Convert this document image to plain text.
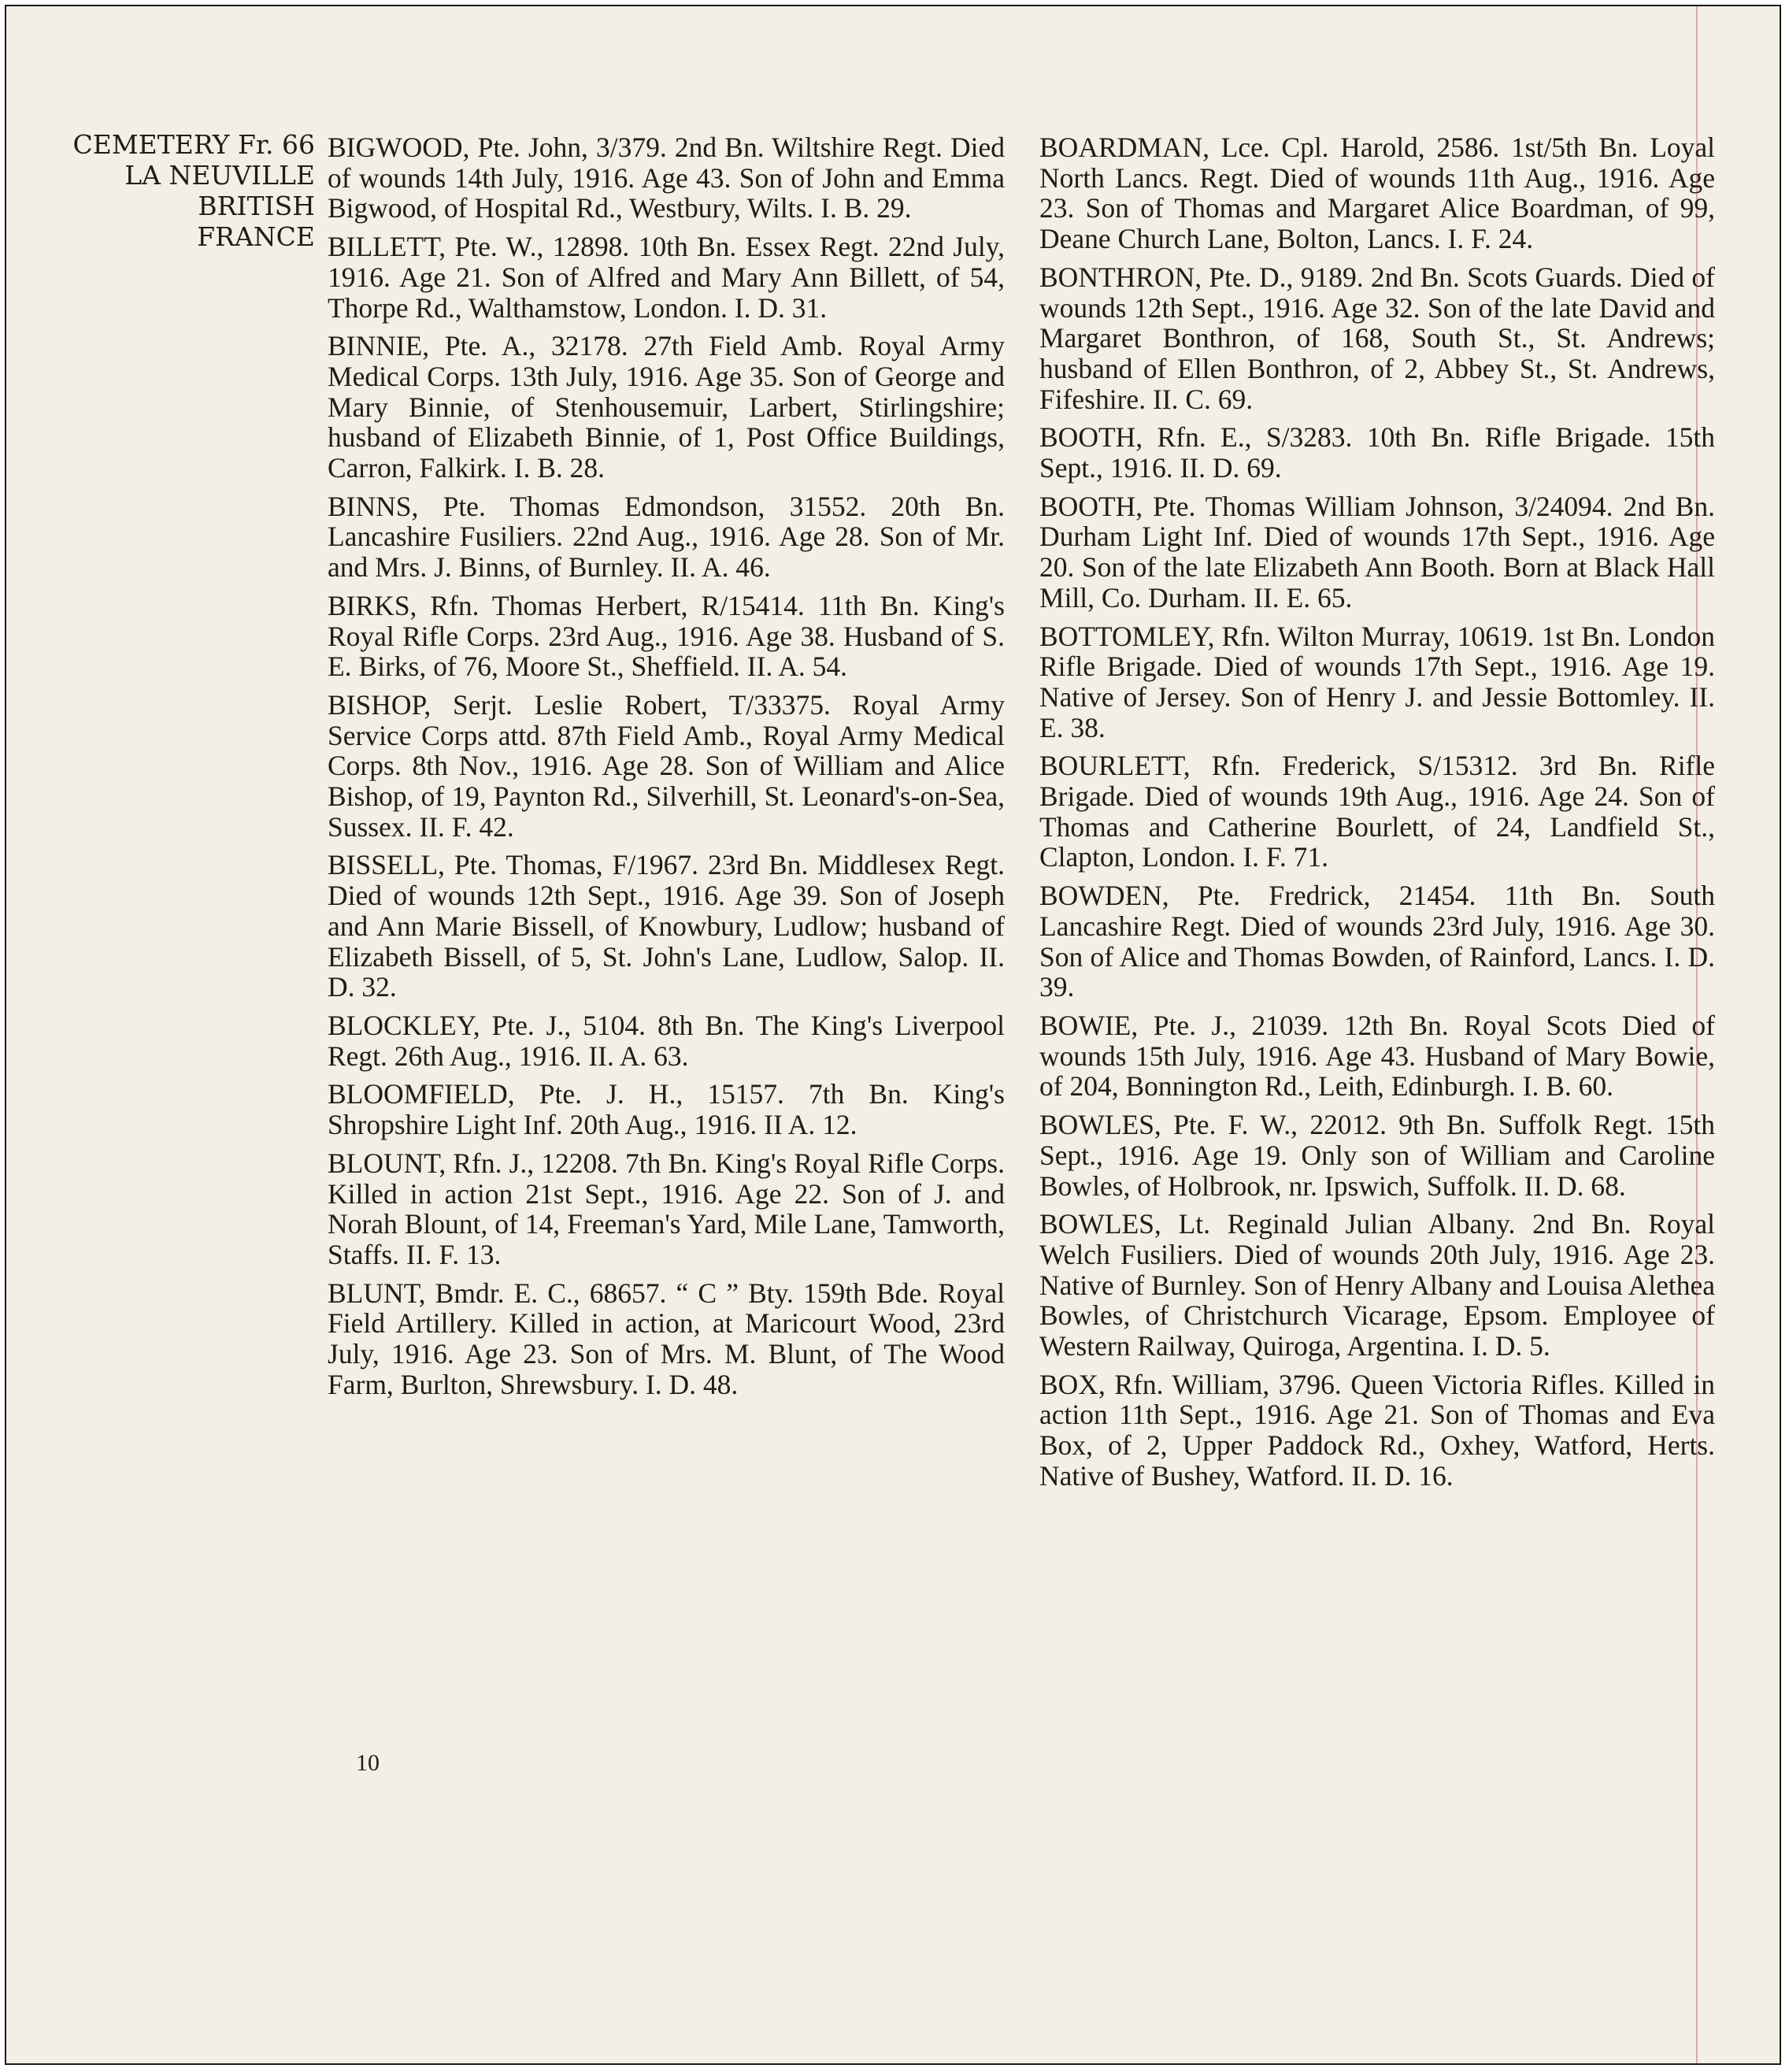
CEMETERY Fr. 66
LA NEUVILLE
BRITISH
FRANCE

BIGWOOD, Pte. John, 3/379. 2nd Bn. Wiltshire Regt. Died of wounds 14th July, 1916. Age 43. Son of John and Emma Bigwood, of Hospital Rd., Westbury, Wilts. I. B. 29.

BILLETT, Pte. W., 12898. 10th Bn. Essex Regt. 22nd July, 1916. Age 21. Son of Alfred and Mary Ann Billett, of 54, Thorpe Rd., Walthamstow, London. I. D. 31.

BINNIE, Pte. A., 32178. 27th Field Amb. Royal Army Medical Corps. 13th July, 1916. Age 35. Son of George and Mary Binnie, of Stenhousemuir, Larbert, Stirlingshire; husband of Elizabeth Binnie, of 1, Post Office Buildings, Carron, Falkirk. I. B. 28.

BINNS, Pte. Thomas Edmondson, 31552. 20th Bn. Lancashire Fusiliers. 22nd Aug., 1916. Age 28. Son of Mr. and Mrs. J. Binns, of Burnley. II. A. 46.

BIRKS, Rfn. Thomas Herbert, R/15414. 11th Bn. King's Royal Rifle Corps. 23rd Aug., 1916. Age 38. Husband of S. E. Birks, of 76, Moore St., Sheffield. II. A. 54.

BISHOP, Serjt. Leslie Robert, T/33375. Royal Army Service Corps attd. 87th Field Amb., Royal Army Medical Corps. 8th Nov., 1916. Age 28. Son of William and Alice Bishop, of 19, Paynton Rd., Silverhill, St. Leonard's-on-Sea, Sussex. II. F. 42.

BISSELL, Pte. Thomas, F/1967. 23rd Bn. Middlesex Regt. Died of wounds 12th Sept., 1916. Age 39. Son of Joseph and Ann Marie Bissell, of Knowbury, Ludlow; husband of Elizabeth Bissell, of 5, St. John's Lane, Ludlow, Salop. II. D. 32.

BLOCKLEY, Pte. J., 5104. 8th Bn. The King's Liverpool Regt. 26th Aug., 1916. II. A. 63.

BLOOMFIELD, Pte. J. H., 15157. 7th Bn. King's Shropshire Light Inf. 20th Aug., 1916. II A. 12.

BLOUNT, Rfn. J., 12208. 7th Bn. King's Royal Rifle Corps. Killed in action 21st Sept., 1916. Age 22. Son of J. and Norah Blount, of 14, Freeman's Yard, Mile Lane, Tamworth, Staffs. II. F. 13.

BLUNT, Bmdr. E. C., 68657. “ C ” Bty. 159th Bde. Royal Field Artillery. Killed in action, at Maricourt Wood, 23rd July, 1916. Age 23. Son of Mrs. M. Blunt, of The Wood Farm, Burlton, Shrewsbury. I. D. 48.

BOARDMAN, Lce. Cpl. Harold, 2586. 1st/5th Bn. Loyal North Lancs. Regt. Died of wounds 11th Aug., 1916. Age 23. Son of Thomas and Margaret Alice Boardman, of 99, Deane Church Lane, Bolton, Lancs. I. F. 24.

BONTHRON, Pte. D., 9189. 2nd Bn. Scots Guards. Died of wounds 12th Sept., 1916. Age 32. Son of the late David and Margaret Bonthron, of 168, South St., St. Andrews; husband of Ellen Bonthron, of 2, Abbey St., St. Andrews, Fifeshire. II. C. 69.

BOOTH, Rfn. E., S/3283. 10th Bn. Rifle Brigade. 15th Sept., 1916. II. D. 69.

BOOTH, Pte. Thomas William Johnson, 3/24094. 2nd Bn. Durham Light Inf. Died of wounds 17th Sept., 1916. Age 20. Son of the late Elizabeth Ann Booth. Born at Black Hall Mill, Co. Durham. II. E. 65.

BOTTOMLEY, Rfn. Wilton Murray, 10619. 1st Bn. London Rifle Brigade. Died of wounds 17th Sept., 1916. Age 19. Native of Jersey. Son of Henry J. and Jessie Bottomley. II. E. 38.

BOURLETT, Rfn. Frederick, S/15312. 3rd Bn. Rifle Brigade. Died of wounds 19th Aug., 1916. Age 24. Son of Thomas and Catherine Bourlett, of 24, Landfield St., Clapton, London. I. F. 71.

BOWDEN, Pte. Fredrick, 21454. 11th Bn. South Lancashire Regt. Died of wounds 23rd July, 1916. Age 30. Son of Alice and Thomas Bowden, of Rainford, Lancs. I. D. 39.

BOWIE, Pte. J., 21039. 12th Bn. Royal Scots Died of wounds 15th July, 1916. Age 43. Husband of Mary Bowie, of 204, Bonnington Rd., Leith, Edinburgh. I. B. 60.

BOWLES, Pte. F. W., 22012. 9th Bn. Suffolk Regt. 15th Sept., 1916. Age 19. Only son of William and Caroline Bowles, of Holbrook, nr. Ipswich, Suffolk. II. D. 68.

BOWLES, Lt. Reginald Julian Albany. 2nd Bn. Royal Welch Fusiliers. Died of wounds 20th July, 1916. Age 23. Native of Burnley. Son of Henry Albany and Louisa Alethea Bowles, of Christchurch Vicarage, Epsom. Employee of Western Railway, Quiroga, Argentina. I. D. 5.

BOX, Rfn. William, 3796. Queen Victoria Rifles. Killed in action 11th Sept., 1916. Age 21. Son of Thomas and Eva Box, of 2, Upper Paddock Rd., Oxhey, Watford, Herts. Native of Bushey, Watford. II. D. 16.

10
